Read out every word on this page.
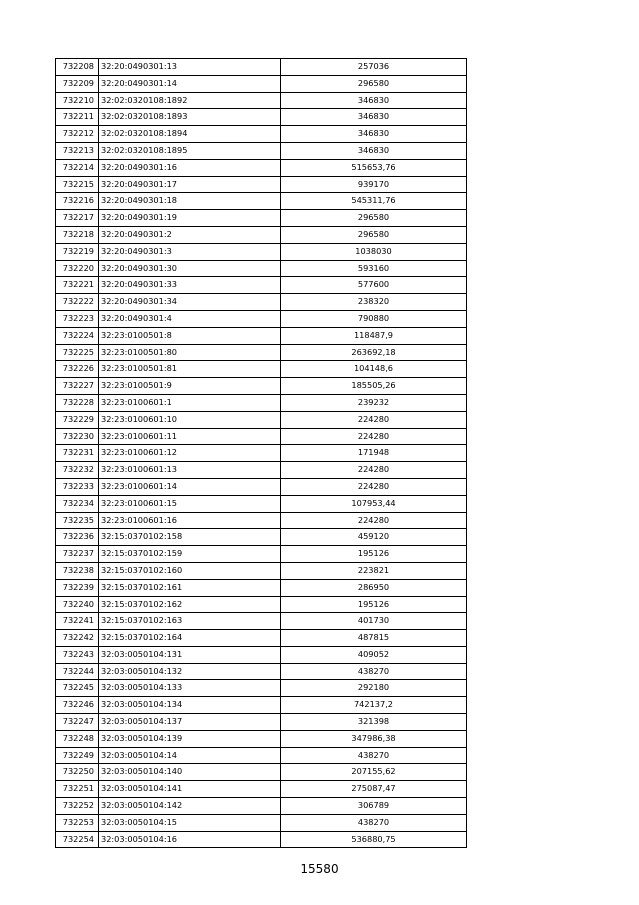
732208	32:20:0490301:13	257036
732209	32:20:0490301:14	296580
732210	32:02:0320108:1892	346830
732211	32:02:0320108:1893	346830
732212	32:02:0320108:1894	346830
732213	32:02:0320108:1895	346830
732214	32:20:0490301:16	515653,76
732215	32:20:0490301:17	939170
732216	32:20:0490301:18	545311,76
732217	32:20:0490301:19	296580
732218	32:20:0490301:2	296580
732219	32:20:0490301:3	1038030
732220	32:20:0490301:30	593160
732221	32:20:0490301:33	577600
732222	32:20:0490301:34	238320
732223	32:20:0490301:4	790880
732224	32:23:0100501:8	118487,9
732225	32:23:0100501:80	263692,18
732226	32:23:0100501:81	104148,6
732227	32:23:0100501:9	185505,26
732228	32:23:0100601:1	239232
732229	32:23:0100601:10	224280
732230	32:23:0100601:11	224280
732231	32:23:0100601:12	171948
732232	32:23:0100601:13	224280
732233	32:23:0100601:14	224280
732234	32:23:0100601:15	107953,44
732235	32:23:0100601:16	224280
732236	32:15:0370102:158	459120
732237	32:15:0370102:159	195126
732238	32:15:0370102:160	223821
732239	32:15:0370102:161	286950
732240	32:15:0370102:162	195126
732241	32:15:0370102:163	401730
732242	32:15:0370102:164	487815
732243	32:03:0050104:131	409052
732244	32:03:0050104:132	438270
732245	32:03:0050104:133	292180
732246	32:03:0050104:134	742137,2
732247	32:03:0050104:137	321398
732248	32:03:0050104:139	347986,38
732249	32:03:0050104:14	438270
732250	32:03:0050104:140	207155,62
732251	32:03:0050104:141	275087,47
732252	32:03:0050104:142	306789
732253	32:03:0050104:15	438270
732254	32:03:0050104:16	536880,75
15580
